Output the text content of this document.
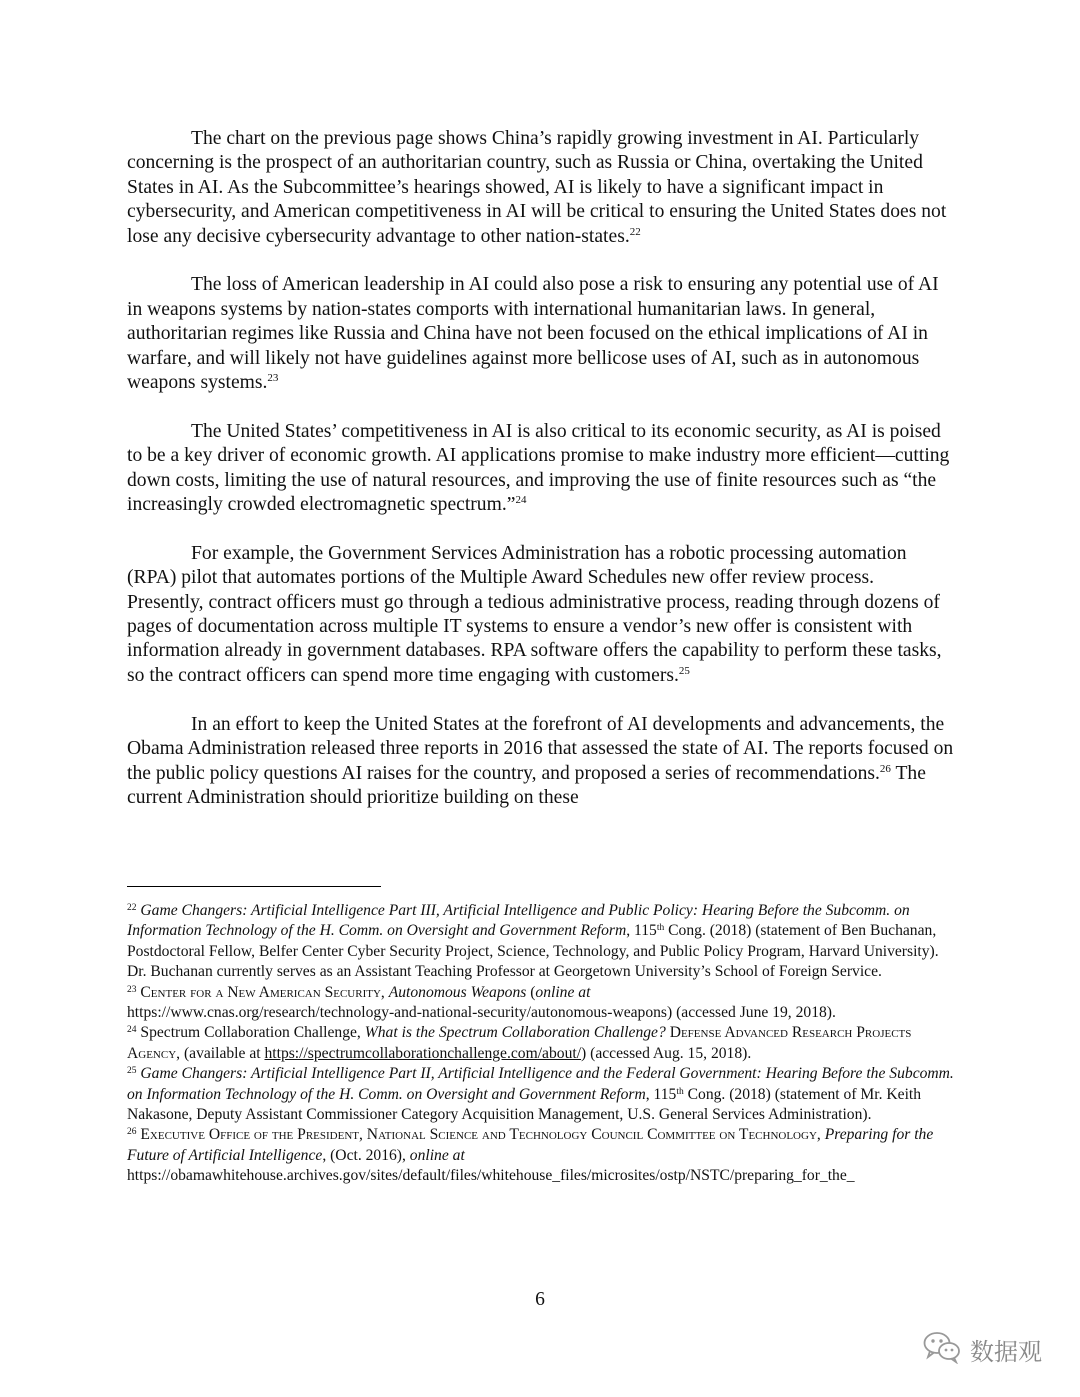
The chart on the previous page shows China’s rapidly growing investment in AI. Particularly concerning is the prospect of an authoritarian country, such as Russia or China, overtaking the United States in AI. As the Subcommittee’s hearings showed, AI is likely to have a significant impact in cybersecurity, and American competitiveness in AI will be critical to ensuring the United States does not lose any decisive cybersecurity advantage to other nation-states.$^{22}$

The loss of American leadership in AI could also pose a risk to ensuring any potential use of AI in weapons systems by nation-states comports with international humanitarian laws. In general, authoritarian regimes like Russia and China have not been focused on the ethical implications of AI in warfare, and will likely not have guidelines against more bellicose uses of AI, such as in autonomous weapons systems.$^{23}$

The United States’ competitiveness in AI is also critical to its economic security, as AI is poised to be a key driver of economic growth. AI applications promise to make industry more efficient—cutting down costs, limiting the use of natural resources, and improving the use of finite resources such as “the increasingly crowded electromagnetic spectrum.”$^{24}$

For example, the Government Services Administration has a robotic processing automation (RPA) pilot that automates portions of the Multiple Award Schedules new offer review process. Presently, contract officers must go through a tedious administrative process, reading through dozens of pages of documentation across multiple IT systems to ensure a vendor’s new offer is consistent with information already in government databases. RPA software offers the capability to perform these tasks, so the contract officers can spend more time engaging with customers.$^{25}$

In an effort to keep the United States at the forefront of AI developments and advancements, the Obama Administration released three reports in 2016 that assessed the state of AI. The reports focused on the public policy questions AI raises for the country, and proposed a series of recommendations.$^{26}$ The current Administration should prioritize building on these

$^{22}$ Game Changers: Artificial Intelligence Part III, Artificial Intelligence and Public Policy: Hearing Before the Subcomm. on Information Technology of the H. Comm. on Oversight and Government Reform, 115th Cong. (2018) (statement of Ben Buchanan, Postdoctoral Fellow, Belfer Center Cyber Security Project, Science, Technology, and Public Policy Program, Harvard University). Dr. Buchanan currently serves as an Assistant Teaching Professor at Georgetown University’s School of Foreign Service.

$^{23}$ Center for a New American Security, Autonomous Weapons (online at
https://www.cnas.org/research/technology-and-national-security/autonomous-weapons) (accessed June 19, 2018).

$^{24}$ Spectrum Collaboration Challenge, What is the Spectrum Collaboration Challenge? Defense Advanced Research Projects Agency, (available at https://spectrumcollaborationchallenge.com/about/) (accessed Aug. 15, 2018).

$^{25}$ Game Changers: Artificial Intelligence Part II, Artificial Intelligence and the Federal Government: Hearing Before the Subcomm. on Information Technology of the H. Comm. on Oversight and Government Reform, 115th Cong. (2018) (statement of Mr. Keith Nakasone, Deputy Assistant Commissioner Category Acquisition Management, U.S. General Services Administration).

$^{26}$ Executive Office of the President, National Science and Technology Council Committee on Technology, Preparing for the Future of Artificial Intelligence, (Oct. 2016), online at
https://obamawhitehouse.archives.gov/sites/default/files/whitehouse_files/microsites/ostp/NSTC/preparing_for_the_

6
数据观
